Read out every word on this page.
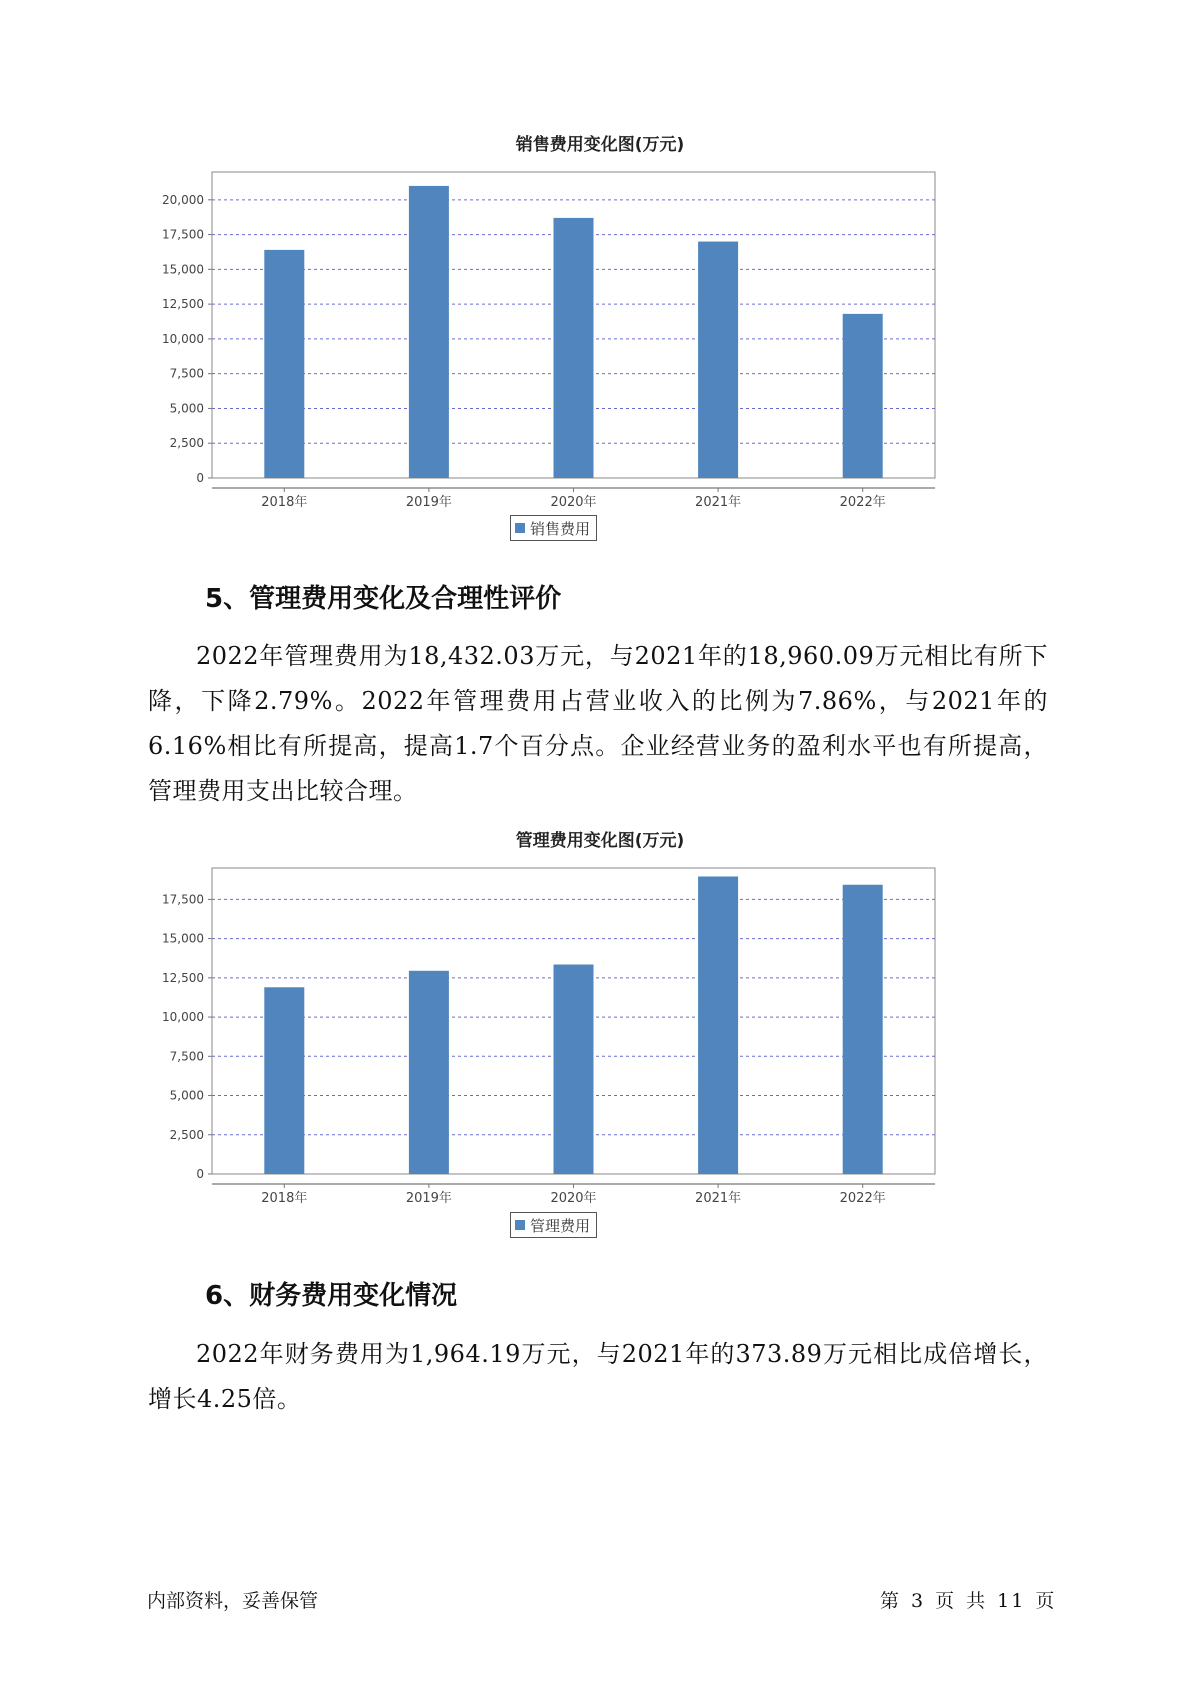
销售费用变化图(万元)
0
2,500
5,000
7,500
10,000
12,500
15,000
17,500
20,000
2018年	2019年	2020年	2021年	2022年
销售费用
5、管理费用变化及合理性评价
2022年管理费用为18,432.03万元，与2021年的18,960.09万元相比有所下降，下降2.79%。2022年管理费用占营业收入的比例为7.86%，与2021年的6.16%相比有所提高，提高1.7个百分点。企业经营业务的盈利水平也有所提高，管理费用支出比较合理。
管理费用变化图(万元)
0
2,500
5,000
7,500
10,000
12,500
15,000
17,500
2018年	2019年	2020年	2021年	2022年
管理费用
6、财务费用变化情况
2022年财务费用为1,964.19万元，与2021年的373.89万元相比成倍增长，增长4.25倍。
内部资料，妥善保管	第 3 页 共 11 页
